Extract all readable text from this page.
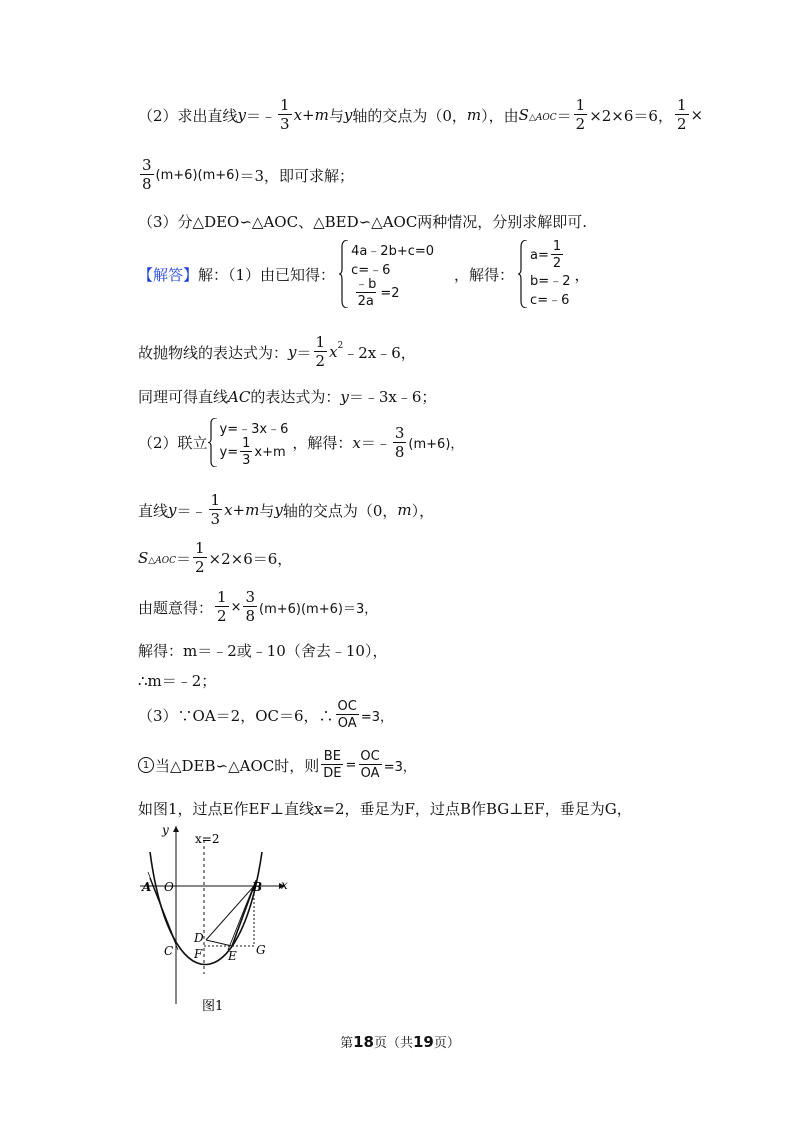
（2）求出直线 y ＝﹣ $\frac{1}{3} x+m$ 与 y 轴的交点为（0， m ），由 S △AOC ＝ $\frac{1}{2} \times 2\times 6=6$， $\frac{1}{2}$ ×
$\frac{3}{8} (m+6)(m+6) =3$，即可求解；
（3）分△DEO∽△AOC、△BED∽△AOC两种情况，分别求解即可.
【解答】 解：（1）由已知得：
4a﹣2b+c=0
c=﹣6
$\frac{﹣b}{2a} =2$
，解得：
$a= \frac{1}{2}$
b=﹣2
c=﹣6
，
故抛物线的表达式为： $y = \frac{1}{2}$ x 2 ﹣2x﹣6，
同理可得直线 AC 的表达式为： y ＝﹣3x﹣6；
（2）联立
y=﹣3x﹣6
$y= \frac{1}{3} x+m$ ，解得： x ＝﹣ $\frac{3}{8} (m+6)$，
直线 y ＝﹣ $\frac{1}{3} x+m$ 与 y 轴的交点为（0， m ），
S △AOC ＝ $\frac{1}{2} \times 2\times 6=6$，
由题意得： $\frac{1}{2} \times \frac{3}{8} (m+6)(m+6)=3$，
解得：m＝﹣2或﹣10（舍去﹣10），
∴m＝﹣2；
（3）∵OA＝2，OC＝6，∴ $\frac{OC}{OA} =3$，
1 当△DEB∽△AOC时，则 $\frac{BE}{DE} = \frac{OC}{OA} =3$，
如图1，过点E作EF⊥直线x=2，垂足为F，过点B作BG⊥EF，垂足为G，
y
x
x=2
A O	B
C
D
F E G
图1
第18页（共19页）
